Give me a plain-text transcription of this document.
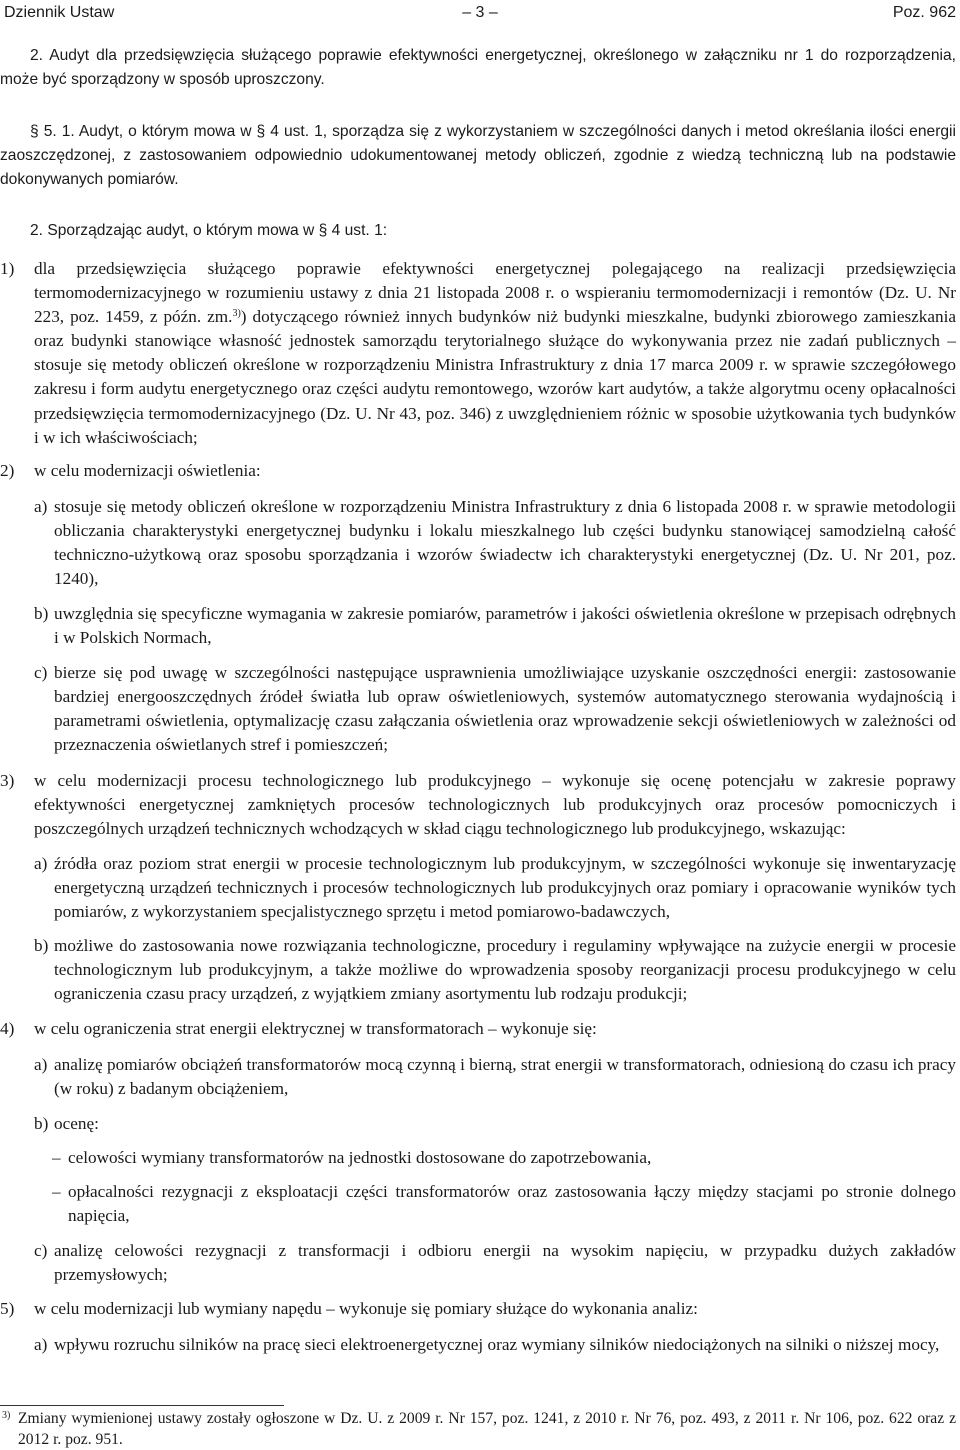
Dziennik Ustaw	– 3 –	Poz. 962
2. Audyt dla przedsięwzięcia służącego poprawie efektywności energetycznej, określonego w załączniku nr 1 do rozporządzenia, może być sporządzony w sposób uproszczony.
§ 5. 1. Audyt, o którym mowa w § 4 ust. 1, sporządza się z wykorzystaniem w szczególności danych i metod określania ilości energii zaoszczędzonej, z zastosowaniem odpowiednio udokumentowanej metody obliczeń, zgodnie z wiedzą techniczną lub na podstawie dokonywanych pomiarów.
2. Sporządzając audyt, o którym mowa w § 4 ust. 1:
1) dla przedsięwzięcia służącego poprawie efektywności energetycznej polegającego na realizacji przedsięwzięcia termomodernizacyjnego w rozumieniu ustawy z dnia 21 listopada 2008 r. o wspieraniu termomodernizacji i remontów (Dz. U. Nr 223, poz. 1459, z późn. zm.$^{3)}$) dotyczącego również innych budynków niż budynki mieszkalne, budynki zbiorowego zamieszkania oraz budynki stanowiące własność jednostek samorządu terytorialnego służące do wykonywania przez nie zadań publicznych – stosuje się metody obliczeń określone w rozporządzeniu Ministra Infrastruktury z dnia 17 marca 2009 r. w sprawie szczegółowego zakresu i form audytu energetycznego oraz części audytu remontowego, wzorów kart audytów, a także algorytmu oceny opłacalności przedsięwzięcia termomodernizacyjnego (Dz. U. Nr 43, poz. 346) z uwzględnieniem różnic w sposobie użytkowania tych budynków i w ich właściwościach;
2) w celu modernizacji oświetlenia:
a) stosuje się metody obliczeń określone w rozporządzeniu Ministra Infrastruktury z dnia 6 listopada 2008 r. w sprawie metodologii obliczania charakterystyki energetycznej budynku i lokalu mieszkalnego lub części budynku stanowiącej samodzielną całość techniczno-użytkową oraz sposobu sporządzania i wzorów świadectw ich charakterystyki energetycznej (Dz. U. Nr 201, poz. 1240),
b) uwzględnia się specyficzne wymagania w zakresie pomiarów, parametrów i jakości oświetlenia określone w przepisach odrębnych i w Polskich Normach,
c) bierze się pod uwagę w szczególności następujące usprawnienia umożliwiające uzyskanie oszczędności energii: zastosowanie bardziej energooszczędnych źródeł światła lub opraw oświetleniowych, systemów automatycznego sterowania wydajnością i parametrami oświetlenia, optymalizację czasu załączania oświetlenia oraz wprowadzenie sekcji oświetleniowych w zależności od przeznaczenia oświetlanych stref i pomieszczeń;
3) w celu modernizacji procesu technologicznego lub produkcyjnego – wykonuje się ocenę potencjału w zakresie poprawy efektywności energetycznej zamkniętych procesów technologicznych lub produkcyjnych oraz procesów pomocniczych i poszczególnych urządzeń technicznych wchodzących w skład ciągu technologicznego lub produkcyjnego, wskazując:
a) źródła oraz poziom strat energii w procesie technologicznym lub produkcyjnym, w szczególności wykonuje się inwentaryzację energetyczną urządzeń technicznych i procesów technologicznych lub produkcyjnych oraz pomiary i opracowanie wyników tych pomiarów, z wykorzystaniem specjalistycznego sprzętu i metod pomiarowo-badawczych,
b) możliwe do zastosowania nowe rozwiązania technologiczne, procedury i regulaminy wpływające na zużycie energii w procesie technologicznym lub produkcyjnym, a także możliwe do wprowadzenia sposoby reorganizacji procesu produkcyjnego w celu ograniczenia czasu pracy urządzeń, z wyjątkiem zmiany asortymentu lub rodzaju produkcji;
4) w celu ograniczenia strat energii elektrycznej w transformatorach – wykonuje się:
a) analizę pomiarów obciążeń transformatorów mocą czynną i bierną, strat energii w transformatorach, odniesioną do czasu ich pracy (w roku) z badanym obciążeniem,
b) ocenę:
– celowości wymiany transformatorów na jednostki dostosowane do zapotrzebowania,
– opłacalności rezygnacji z eksploatacji części transformatorów oraz zastosowania łączy między stacjami po stronie dolnego napięcia,
c) analizę celowości rezygnacji z transformacji i odbioru energii na wysokim napięciu, w przypadku dużych zakładów przemysłowych;
5) w celu modernizacji lub wymiany napędu – wykonuje się pomiary służące do wykonania analiz:
a) wpływu rozruchu silników na pracę sieci elektroenergetycznej oraz wymiany silników niedociążonych na silniki o niższej mocy,
3) Zmiany wymienionej ustawy zostały ogłoszone w Dz. U. z 2009 r. Nr 157, poz. 1241, z 2010 r. Nr 76, poz. 493, z 2011 r. Nr 106, poz. 622 oraz z 2012 r. poz. 951.
